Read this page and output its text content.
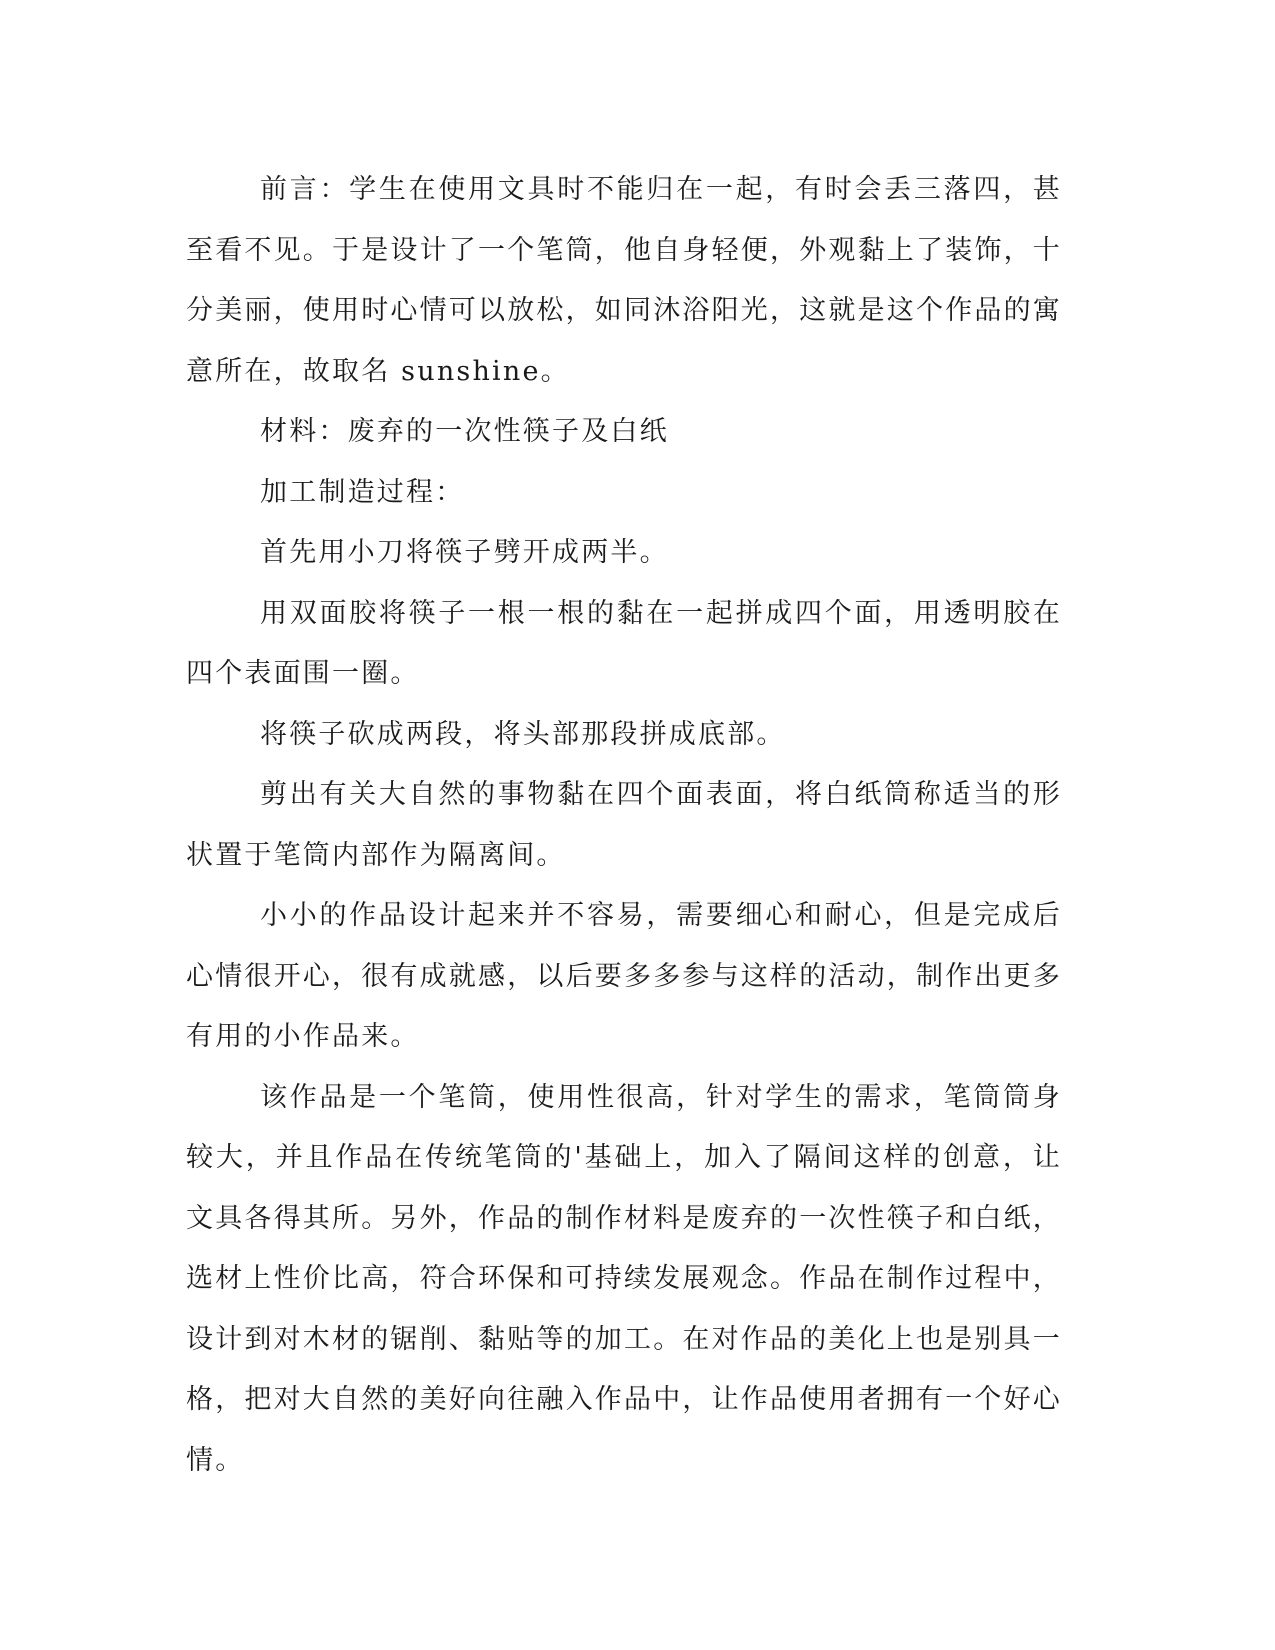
前言：学生在使用文具时不能归在一起，有时会丢三落四，甚至看不见。于是设计了一个笔筒，他自身轻便，外观黏上了装饰，十分美丽，使用时心情可以放松，如同沐浴阳光，这就是这个作品的寓意所在，故取名 sunshine。

材料：废弃的一次性筷子及白纸

加工制造过程：

首先用小刀将筷子劈开成两半。

用双面胶将筷子一根一根的黏在一起拼成四个面，用透明胶在四个表面围一圈。

将筷子砍成两段，将头部那段拼成底部。

剪出有关大自然的事物黏在四个面表面，将白纸筒称适当的形状置于笔筒内部作为隔离间。

小小的作品设计起来并不容易，需要细心和耐心，但是完成后心情很开心，很有成就感，以后要多多参与这样的活动，制作出更多有用的小作品来。

该作品是一个笔筒，使用性很高，针对学生的需求，笔筒筒身较大，并且作品在传统笔筒的'基础上，加入了隔间这样的创意，让文具各得其所。另外，作品的制作材料是废弃的一次性筷子和白纸，选材上性价比高，符合环保和可持续发展观念。作品在制作过程中，设计到对木材的锯削、黏贴等的加工。在对作品的美化上也是别具一格，把对大自然的美好向往融入作品中，让作品使用者拥有一个好心情。
